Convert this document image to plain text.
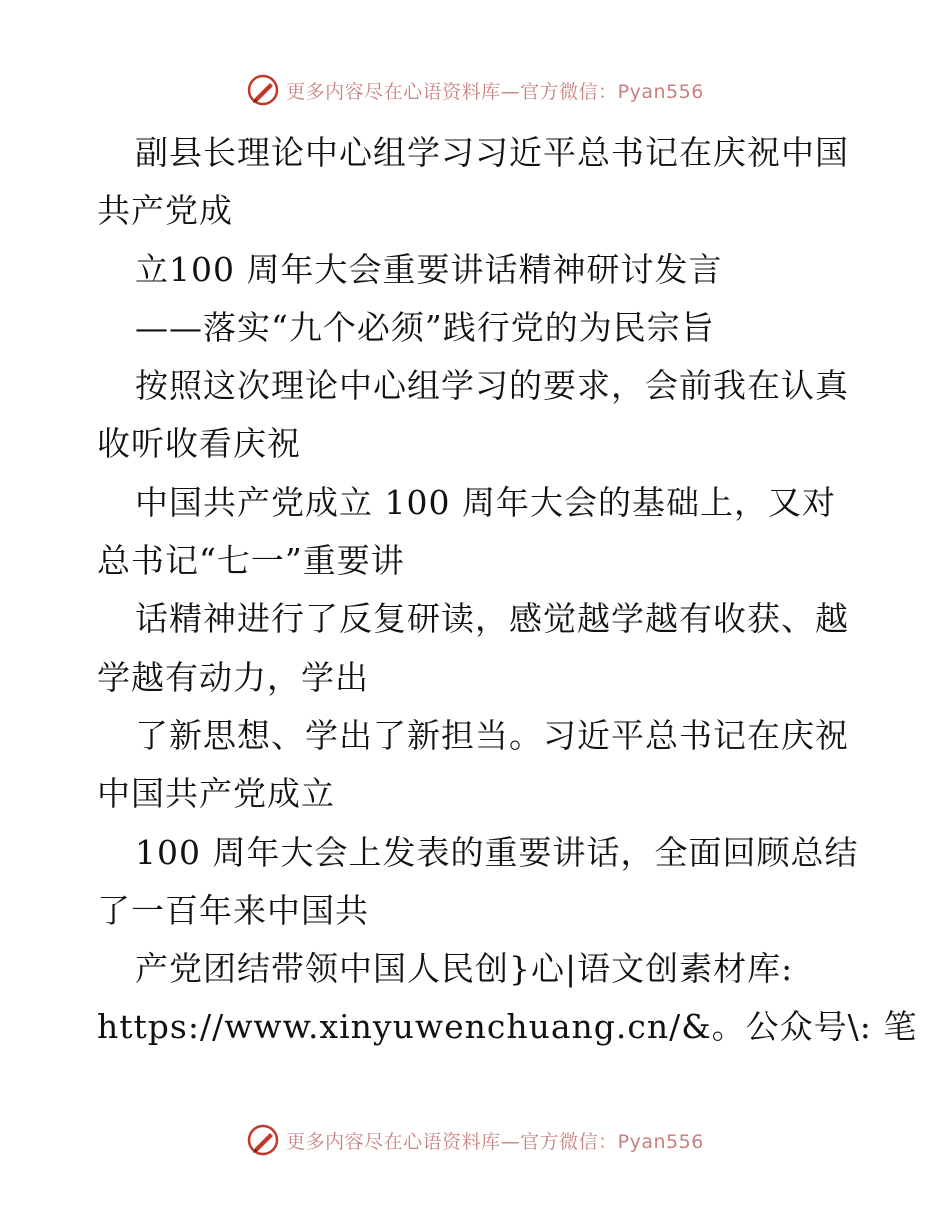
更多内容尽在心语资料库—官方微信：Pyan556
副县长理论中心组学习习近平总书记在庆祝中国
共产党成
立100 周年大会重要讲话精神研讨发言
——落实“九个必须”践行党的为民宗旨
按照这次理论中心组学习的要求，会前我在认真
收听收看庆祝
中国共产党成立 100 周年大会的基础上，又对
总书记“七一”重要讲
话精神进行了反复研读，感觉越学越有收获、越
学越有动力，学出
了新思想、学出了新担当。习近平总书记在庆祝
中国共产党成立
100 周年大会上发表的重要讲话，全面回顾总结
了一百年来中国共
产党团结带领中国人民创}心|语文创素材库:
https://www.xinyuwenchuang.cn/&。公众号\: 笔
更多内容尽在心语资料库—官方微信：Pyan556
